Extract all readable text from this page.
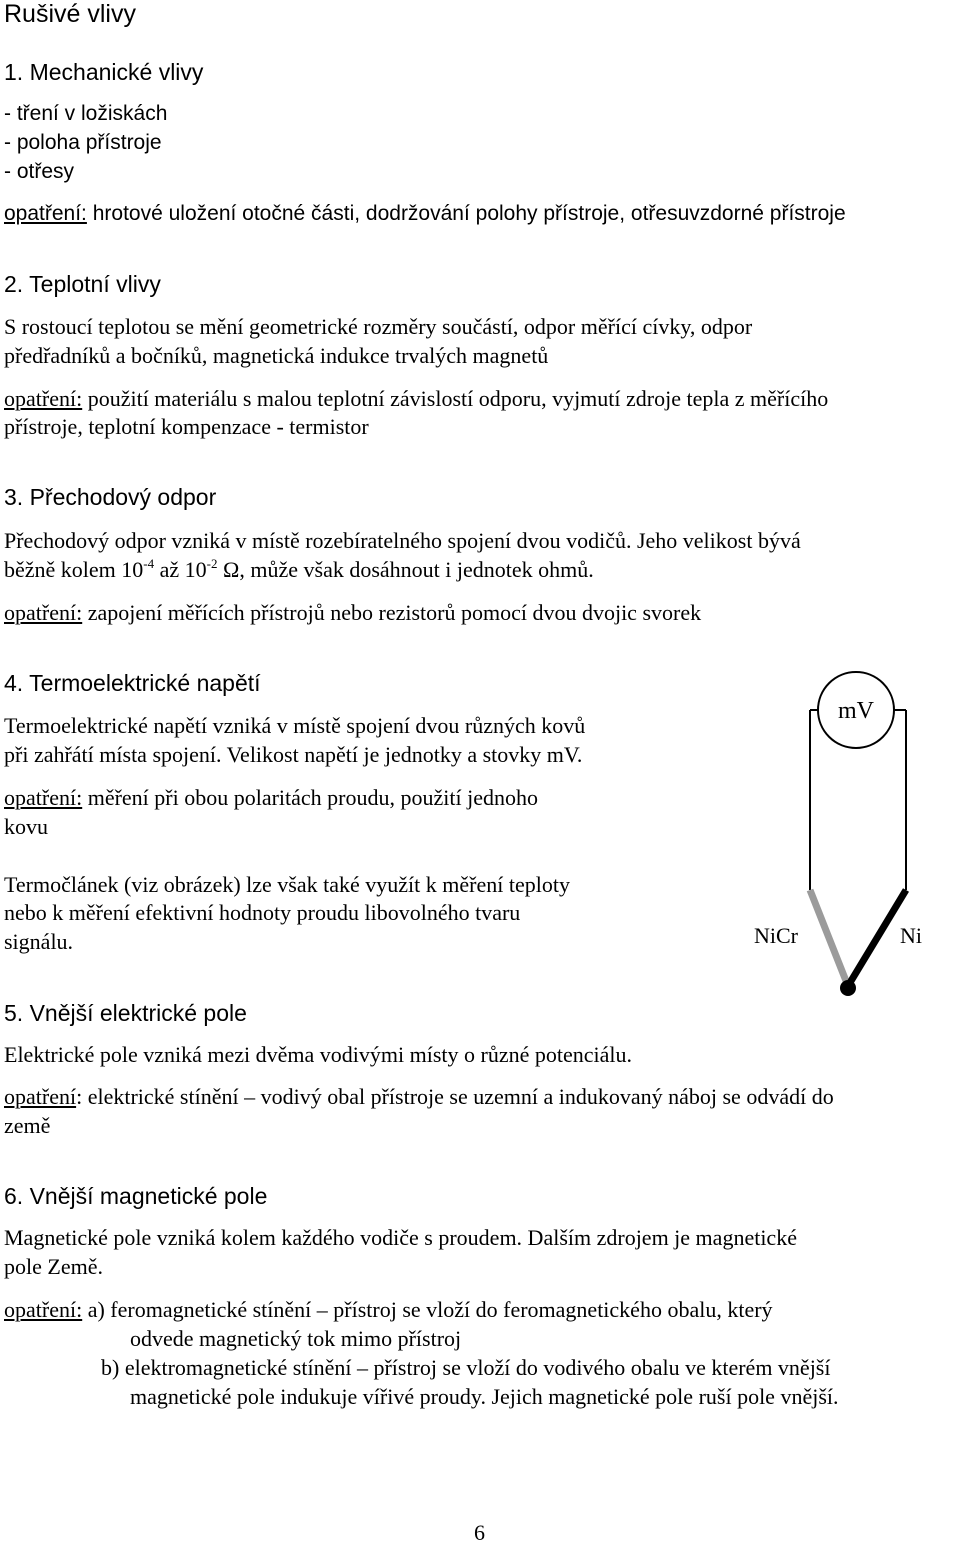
Rušivé vlivy
1. Mechanické vlivy
- tření v ložiskách
- poloha přístroje
- otřesy
opatření: hrotové uložení otočné části, dodržování polohy přístroje, otřesuvzdorné přístroje
2. Teplotní vlivy
S rostoucí teplotou se mění geometrické rozměry součástí, odpor měřící cívky, odpor
předřadníků a bočníků, magnetická indukce trvalých magnetů
opatření: použití materiálu s malou teplotní závislostí odporu, vyjmutí zdroje tepla z měřícího
přístroje, teplotní kompenzace - termistor
3. Přechodový odpor
Přechodový odpor vzniká v místě rozebíratelného spojení dvou vodičů. Jeho velikost bývá
běžně kolem $10^{-4}$ až $10^{-2}$ Ω, může však dosáhnout i jednotek ohmů.
opatření: zapojení měřících přístrojů nebo rezistorů pomocí dvou dvojic svorek
4. Termoelektrické napětí
Termoelektrické napětí vzniká v místě spojení dvou různých kovů
při zahřátí místa spojení. Velikost napětí je jednotky a stovky mV.
opatření: měření při obou polaritách proudu, použití jednoho
kovu
Termočlánek (viz obrázek) lze však také využít k měření teploty
nebo k měření efektivní hodnoty proudu libovolného tvaru
signálu.
mV
NiCr	Ni
5. Vnější elektrické pole
Elektrické pole vzniká mezi dvěma vodivými místy o různé potenciálu.
opatření: elektrické stínění – vodivý obal přístroje se uzemní a indukovaný náboj se odvádí do
země
6. Vnější magnetické pole
Magnetické pole vzniká kolem každého vodiče s proudem. Dalším zdrojem je magnetické
pole Země.
opatření: a) feromagnetické stínění – přístroj se vloží do feromagnetického obalu, který
odvede magnetický tok mimo přístroj
b) elektromagnetické stínění – přístroj se vloží do vodivého obalu ve kterém vnější
magnetické pole indukuje vířivé proudy. Jejich magnetické pole ruší pole vnější.
6
